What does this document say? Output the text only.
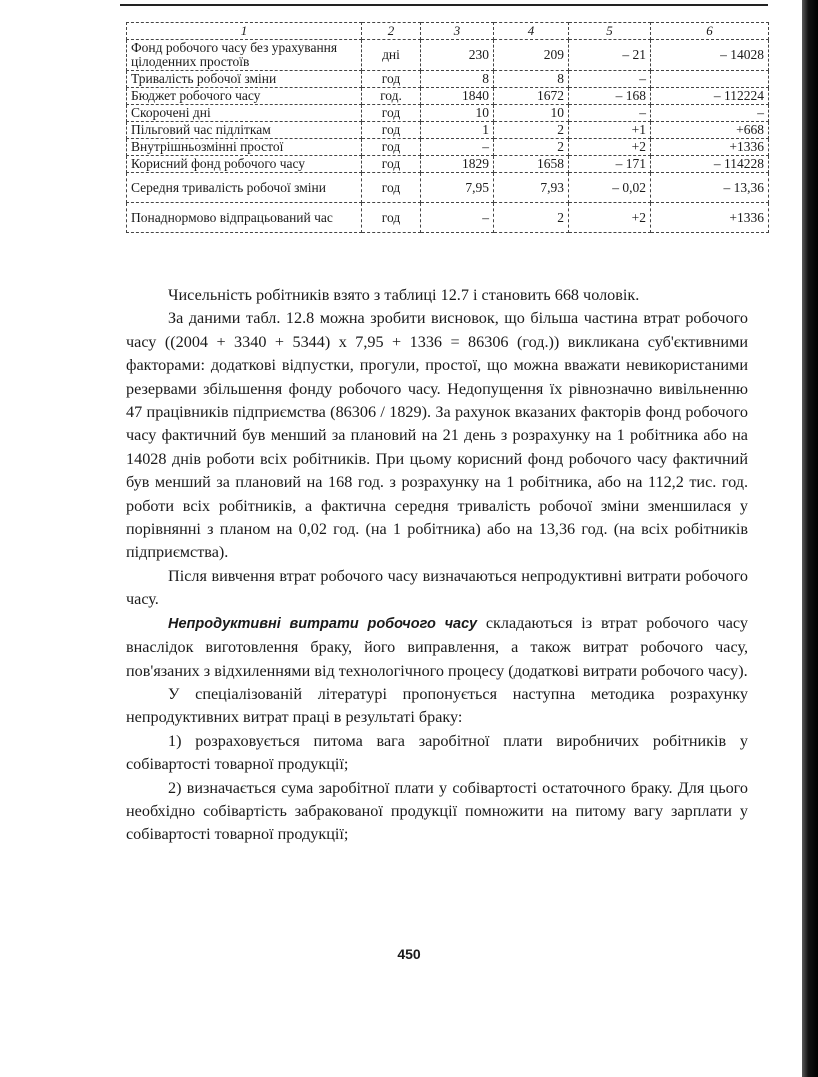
1	2	3	4	5	6
Фонд робочого часу без урахування цілоденних простоїв	дні	230	209	– 21	– 14028
Тривалість робочої зміни	год	8	8	–	
Бюджет робочого часу	год.	1840	1672	– 168	– 112224
Скорочені дні	год	10	10	–	–
Пільговий час підліткам	год	1	2	+1	+668
Внутрішньозмінні простої	год	–	2	+2	+1336
Корисний фонд робочого часу	год	1829	1658	– 171	– 114228
Середня тривалість робочої зміни	год	7,95	7,93	– 0,02	– 13,36
Понаднормово відпрацьований час	год	–	2	+2	+1336

Чисельність робітників взято з таблиці 12.7 і становить 668 чоловік.

За даними табл. 12.8 можна зробити висновок, що більша частина втрат робочого часу ((2004 + 3340 + 5344) х 7,95 + 1336 = 86306 (год.)) викликана суб'єктивними факторами: додаткові відпустки, прогули, простої, що можна вважати невикористаними резервами збільшення фонду робочого часу. Недопущення їх рівнозначно вивільненню 47 працівників підприємства (86306 / 1829). За рахунок вказаних факторів фонд робочого часу фактичний був менший за плановий на 21 день з розрахунку на 1 робітника або на 14028 днів роботи всіх робітників. При цьому корисний фонд робочого часу фактичний був менший за плановий на 168 год. з розрахунку на 1 робітника, або на 112,2 тис. год. роботи всіх робітників, а фактична середня тривалість робочої зміни зменшилася у порівнянні з планом на 0,02 год. (на 1 робітника) або на 13,36 год. (на всіх робітників підприємства).

Після вивчення втрат робочого часу визначаються непродуктивні витрати робочого часу.

Непродуктивні витрати робочого часу складаються із втрат робочого часу внаслідок виготовлення браку, його виправлення, а також витрат робочого часу, пов'язаних з відхиленнями від технологічного процесу (додаткові витрати робочого часу).

У спеціалізованій літературі пропонується наступна методика розрахунку непродуктивних витрат праці в результаті браку:

1) розраховується питома вага заробітної плати виробничих робітників у собівартості товарної продукції;

2) визначається сума заробітної плати у собівартості остаточного браку. Для цього необхідно собівартість забракованої продукції помножити на питому вагу зарплати у собівартості товарної продукції;

450
